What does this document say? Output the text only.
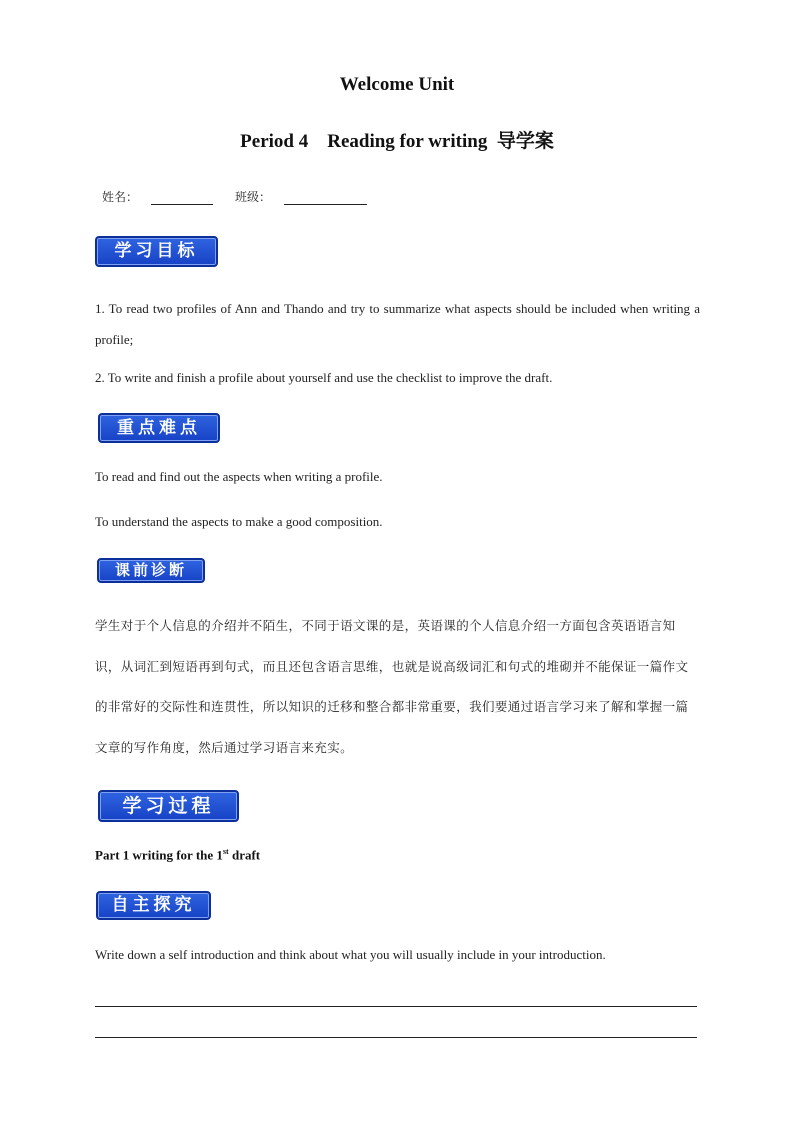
Welcome Unit
Period 4    Reading for writing  导学案
姓名：	班级：
学习目标
1. To read two profiles of Ann and Thando and try to summarize what aspects should be included when writing a profile;
2. To write and finish a profile about yourself and use the checklist to improve the draft.
重点难点
To read and find out the aspects when writing a profile.
To understand the aspects to make a good composition.
课前诊断
学生对于个人信息的介绍并不陌生，不同于语文课的是，英语课的个人信息介绍一方面包含英语语言知识，从词汇到短语再到句式，而且还包含语言思维，也就是说高级词汇和句式的堆砌并不能保证一篇作文的非常好的交际性和连贯性，所以知识的迁移和整合都非常重要，我们要通过语言学习来了解和掌握一篇文章的写作角度，然后通过学习语言来充实。
学习过程
Part 1 writing for the 1st draft
自主探究
Write down a self introduction and think about what you will usually include in your introduction.
